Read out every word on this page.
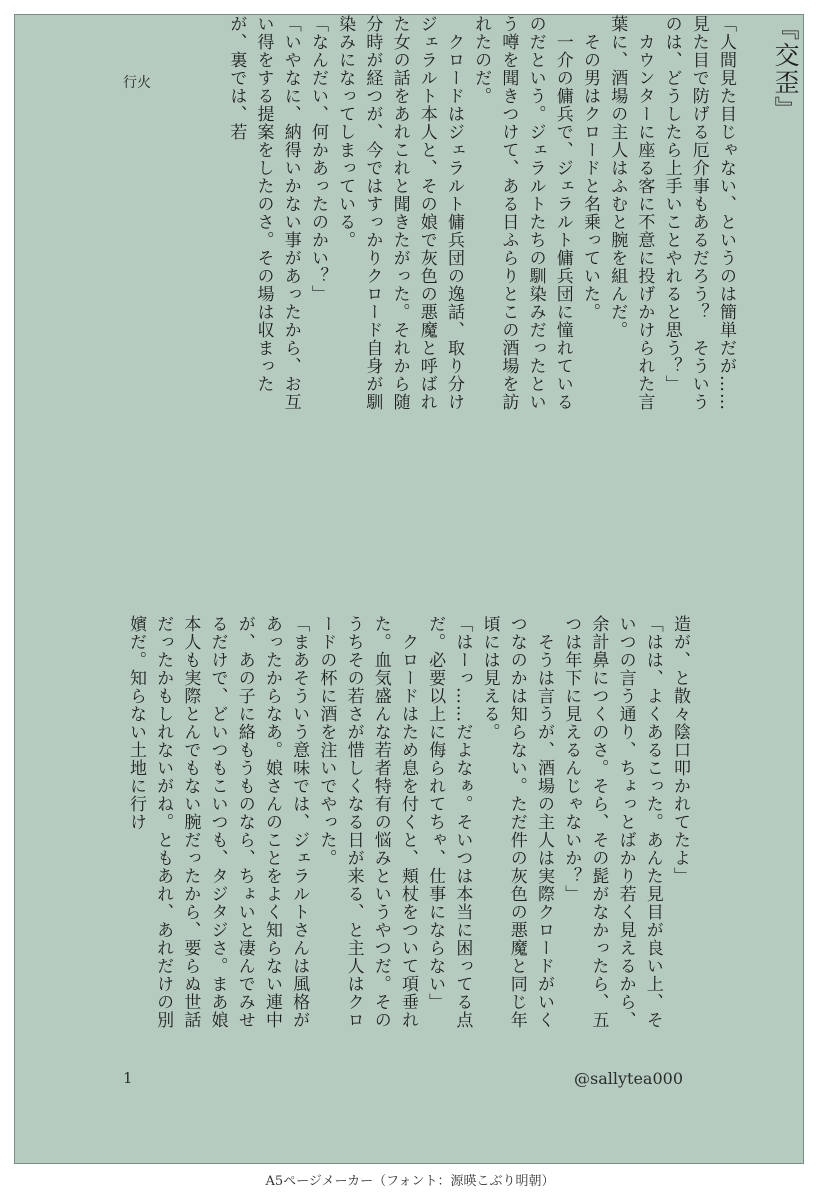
行火	『交歪』

「人間見た目じゃない、というのは簡単だが……見た目で防げる厄介事もあるだろう？　そういうのは、どうしたら上手いことやれると思う？」

　カウンターに座る客に不意に投げかけられた言葉に、酒場の主人はふむと腕を組んだ。

　その男はクロードと名乗っていた。

　一介の傭兵で、ジェラルト傭兵団に憧れているのだという。ジェラルトたちの馴染みだったという噂を聞きつけて、ある日ふらりとこの酒場を訪れたのだ。

　クロードはジェラルト傭兵団の逸話、取り分けジェラルト本人と、その娘で灰色の悪魔と呼ばれた女の話をあれこれと聞きたがった。それから随分時が経つが、今ではすっかりクロード自身が馴染みになってしまっている。

「なんだい、何かあったのかい？」

「いやなに、納得いかない事があったから、お互い得をする提案をしたのさ。その場は収まったが、裏では、若

造が、と散々陰口叩かれてたよ」

「はは、よくあるこった。あんた見目が良い上、そいつの言う通り、ちょっとばかり若く見えるから、余計鼻につくのさ。そら、その髭がなかったら、五つは年下に見えるんじゃないか？」

　そうは言うが、酒場の主人は実際クロードがいくつなのかは知らない。ただ件の灰色の悪魔と同じ年頃には見える。

「はーっ……だよなぁ。そいつは本当に困ってる点だ。必要以上に侮られてちゃ、仕事にならない」

　クロードはため息を付くと、頬杖をついて項垂れた。血気盛んな若者特有の悩みというやつだ。そのうちその若さが惜しくなる日が来る、と主人はクロードの杯に酒を注いでやった。

「まあそういう意味では、ジェラルトさんは風格があったからなあ。娘さんのことをよく知らない連中が、あの子に絡もうものなら、ちょいと凄んでみせるだけで、どいつもこいつも、タジタジさ。まあ娘本人も実際とんでもない腕だったから、要らぬ世話だったかもしれないがね。ともあれ、あれだけの別嬪だ。知らない土地に行け

1	@sallytea000
A5ページメーカー（フォント：源暎こぶり明朝）
